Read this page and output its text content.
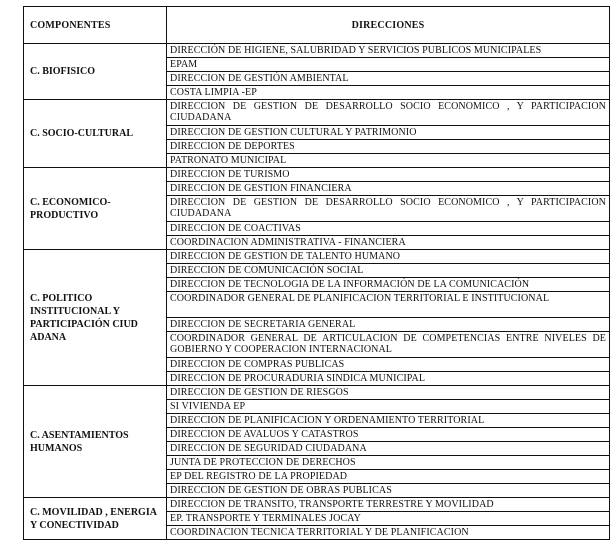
COMPONENTES	DIRECCIONES
C. BIOFISICO	DIRECCIÓN DE HIGIENE, SALUBRIDAD Y SERVICIOS PUBLICOS MUNICIPALES
	EPAM
	DIRECCION DE GESTIÓN AMBIENTAL
	COSTA LIMPIA -EP
C. SOCIO-CULTURAL	DIRECCION DE GESTION DE DESARROLLO SOCIO ECONOMICO , Y PARTICIPACION CIUDADANA
	DIRECCION DE GESTION CULTURAL Y PATRIMONIO
	DIRECCION DE DEPORTES
	PATRONATO MUNICIPAL
C. ECONOMICO-PRODUCTIVO	DIRECCION DE TURISMO
	DIRECCION DE GESTION FINANCIERA
	DIRECCION DE GESTION DE DESARROLLO SOCIO ECONOMICO , Y PARTICIPACION CIUDADANA
	DIRECCION DE COACTIVAS
	COORDINACION ADMINISTRATIVA - FINANCIERA
C. POLITICO INSTITUCIONAL Y PARTICIPACIÓN CIUD ADANA	DIRECCION DE GESTION DE TALENTO HUMANO
	DIRECCION DE COMUNICACIÓN SOCIAL
	DIRECCION DE TECNOLOGIA DE LA INFORMACIÓN DE LA COMUNICACIÓN
	COORDINADOR GENERAL DE PLANIFICACION TERRITORIAL E INSTITUCIONAL
	DIRECCION DE SECRETARIA GENERAL
	COORDINADOR GENERAL DE ARTICULACION DE COMPETENCIAS ENTRE NIVELES DE GOBIERNO Y COOPERACION INTERNACIONAL
	DIRECCION DE COMPRAS PUBLICAS
	DIRECCION DE PROCURADURIA SINDICA MUNICIPAL
C. ASENTAMIENTOS HUMANOS	DIRECCION DE GESTION DE RIESGOS
	SI VIVIENDA EP
	DIRECCION DE PLANIFICACION Y ORDENAMIENTO TERRITORIAL
	DIRECCION DE AVALUOS Y CATASTROS
	DIRECCION DE SEGURIDAD CIUDADANA
	JUNTA DE PROTECCION DE DERECHOS
	EP DEL REGISTRO DE LA PROPIEDAD
	DIRECCION DE GESTION DE OBRAS PUBLICAS
C. MOVILIDAD , ENERGIA Y CONECTIVIDAD	DIRECCION DE TRANSITO, TRANSPORTE TERRESTRE Y MOVILIDAD
	EP. TRANSPORTE Y TERMINALES JOCAY
	COORDINACION TECNICA TERRITORIAL Y DE PLANIFICACION
